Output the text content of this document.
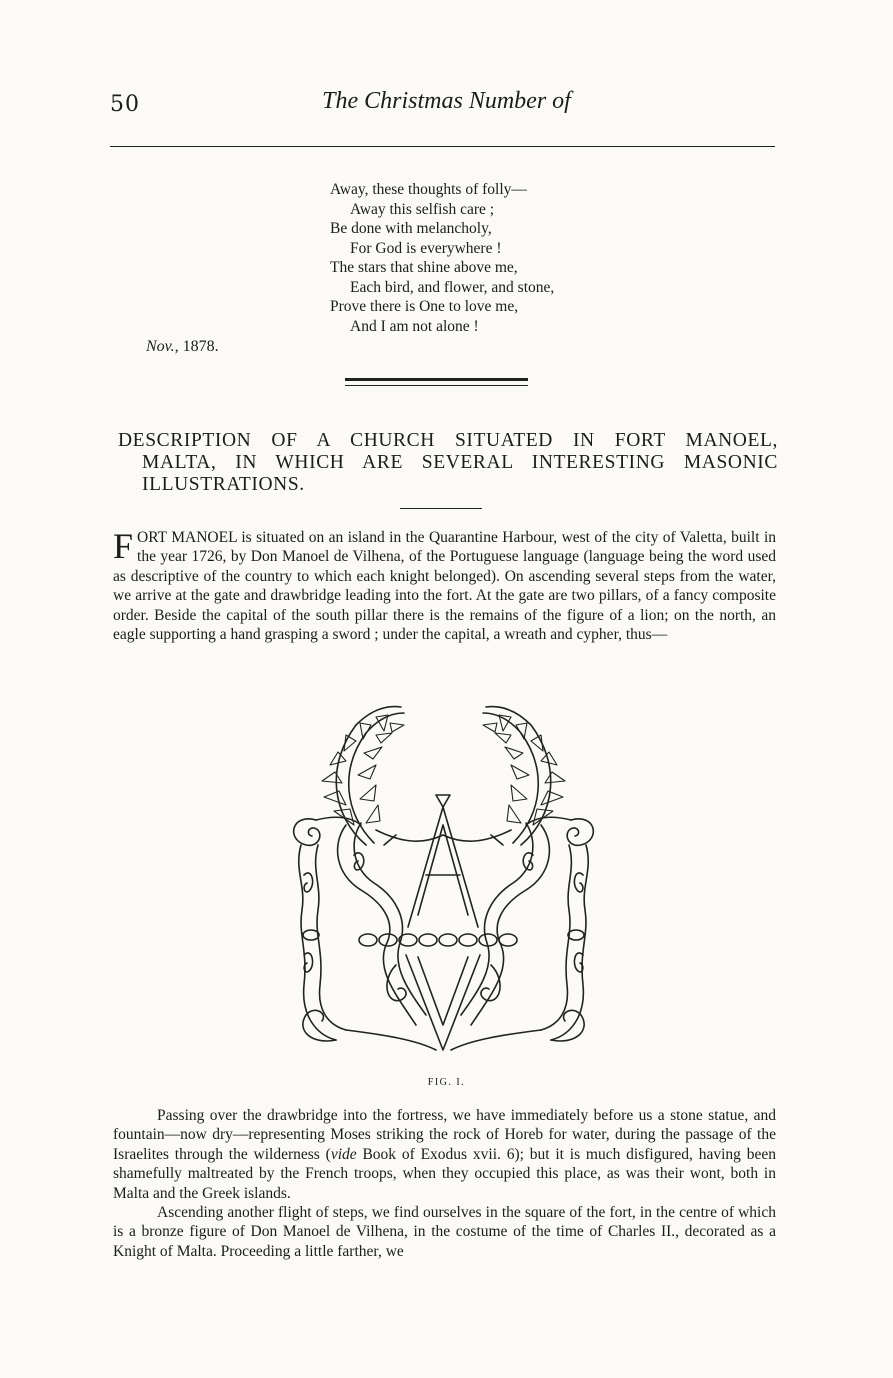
50	The Christmas Number of
Away, these thoughts of folly—
Away this selfish care ;
Be done with melancholy,
For God is everywhere !
The stars that shine above me,
Each bird, and flower, and stone,
Prove there is One to love me,
And I am not alone !
Nov., 1878.
DESCRIPTION OF A CHURCH SITUATED IN FORT MANOEL,
MALTA, IN WHICH ARE SEVERAL INTERESTING MASONIC
ILLUSTRATIONS.
F ORT MANOEL is situated on an island in the Quarantine Harbour, west of the city of Valetta, built in the year 1726, by Don Manoel de Vilhena, of the Portuguese language (language being the word used as descriptive of the country to which each knight belonged). On ascending several steps from the water, we arrive at the gate and drawbridge leading into the fort. At the gate are two pillars, of a fancy composite order. Beside the capital of the south pillar there is the remains of the figure of a lion; on the north, an eagle supporting a hand grasping a sword ; under the capital, a wreath and cypher, thus—
FIG. I.
Passing over the drawbridge into the fortress, we have immediately before us a stone statue, and fountain—now dry—representing Moses striking the rock of Horeb for water, during the passage of the Israelites through the wilderness (vide Book of Exodus xvii. 6); but it is much disfigured, having been shamefully maltreated by the French troops, when they occupied this place, as was their wont, both in Malta and the Greek islands.
Ascending another flight of steps, we find ourselves in the square of the fort, in the centre of which is a bronze figure of Don Manoel de Vilhena, in the costume of the time of Charles II., decorated as a Knight of Malta. Proceeding a little farther, we
